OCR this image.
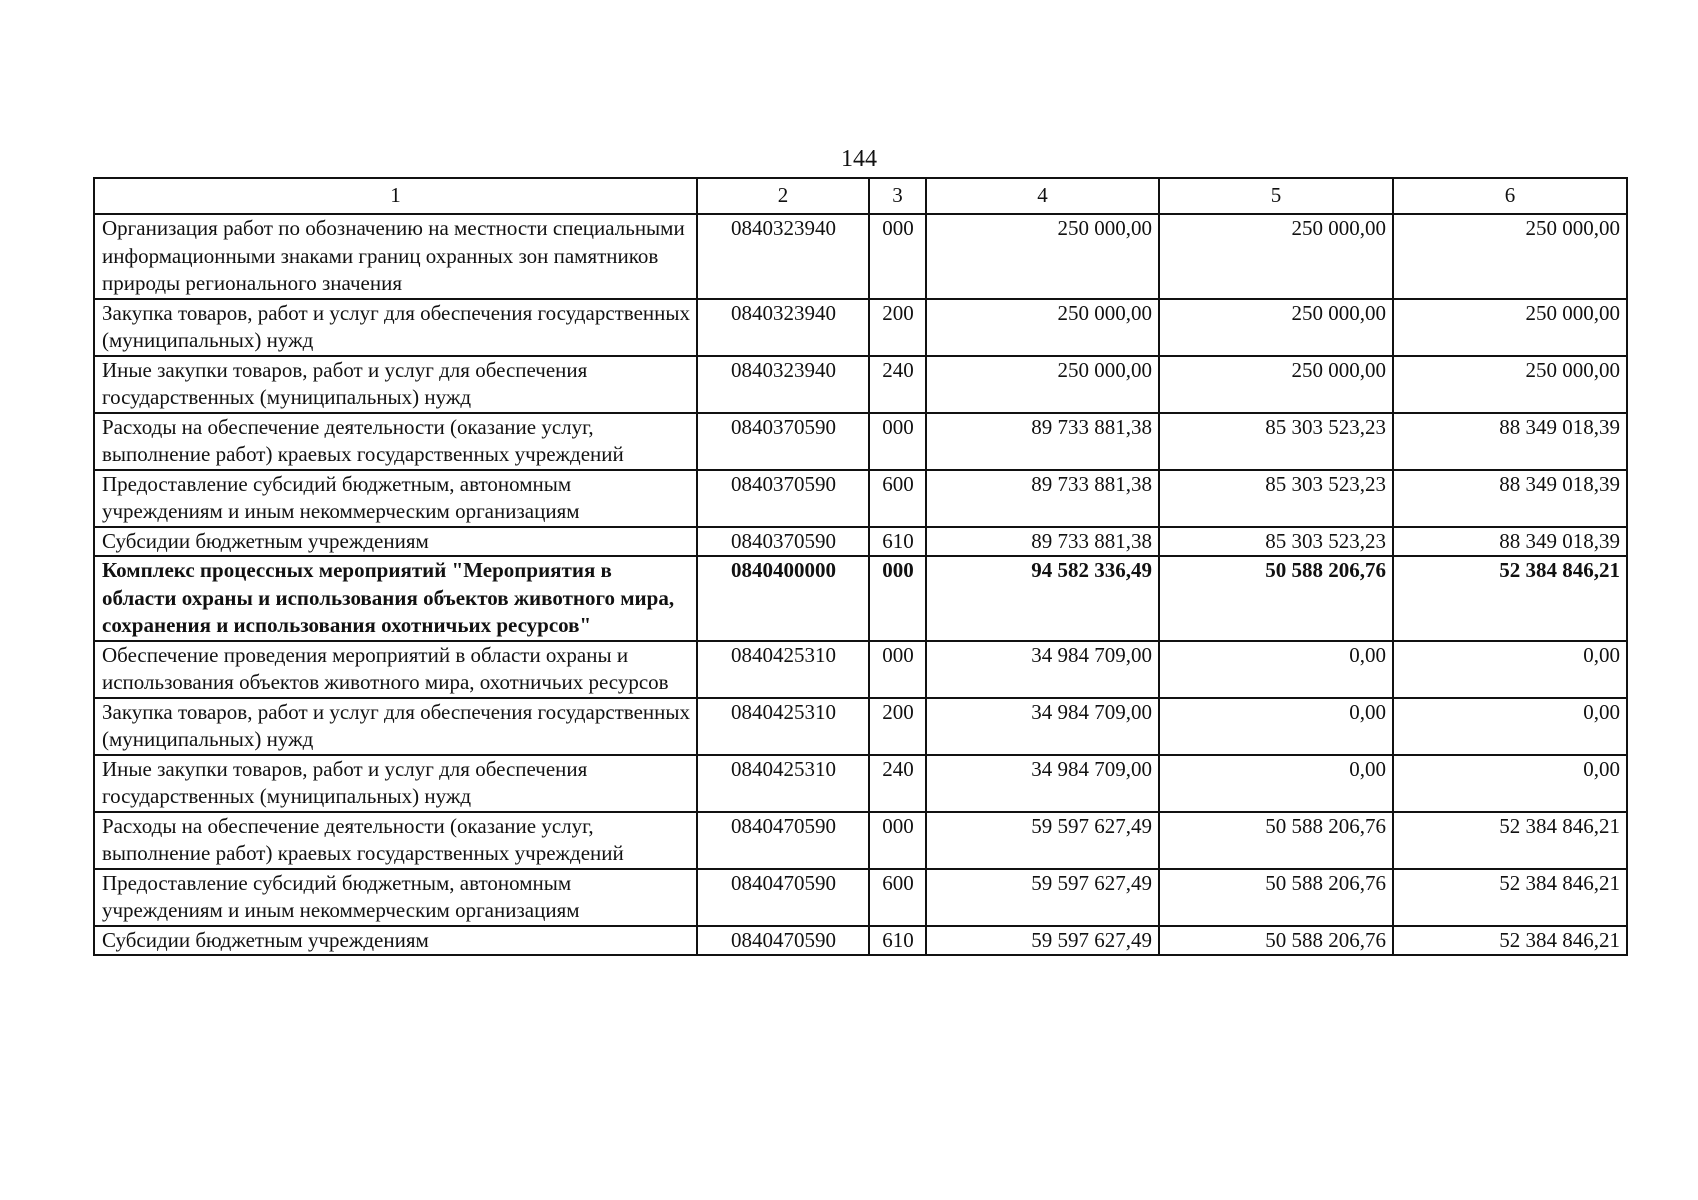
144
1	2	3	4	5	6
Организация работ по обозначению на местности специальными информационными знаками границ охранных зон памятников природы регионального значения	0840323940	000	250 000,00	250 000,00	250 000,00
Закупка товаров, работ и услуг для обеспечения государственных (муниципальных) нужд	0840323940	200	250 000,00	250 000,00	250 000,00
Иные закупки товаров, работ и услуг для обеспечения государственных (муниципальных) нужд	0840323940	240	250 000,00	250 000,00	250 000,00
Расходы на обеспечение деятельности (оказание услуг, выполнение работ) краевых государственных учреждений	0840370590	000	89 733 881,38	85 303 523,23	88 349 018,39
Предоставление субсидий бюджетным, автономным учреждениям и иным некоммерческим организациям	0840370590	600	89 733 881,38	85 303 523,23	88 349 018,39
Субсидии бюджетным учреждениям	0840370590	610	89 733 881,38	85 303 523,23	88 349 018,39
Комплекс процессных мероприятий "Мероприятия в области охраны и использования объектов животного мира, сохранения и использования охотничьих ресурсов"	0840400000	000	94 582 336,49	50 588 206,76	52 384 846,21
Обеспечение проведения мероприятий в области охраны и использования объектов животного мира, охотничьих ресурсов	0840425310	000	34 984 709,00	0,00	0,00
Закупка товаров, работ и услуг для обеспечения государственных (муниципальных) нужд	0840425310	200	34 984 709,00	0,00	0,00
Иные закупки товаров, работ и услуг для обеспечения государственных (муниципальных) нужд	0840425310	240	34 984 709,00	0,00	0,00
Расходы на обеспечение деятельности (оказание услуг, выполнение работ) краевых государственных учреждений	0840470590	000	59 597 627,49	50 588 206,76	52 384 846,21
Предоставление субсидий бюджетным, автономным учреждениям и иным некоммерческим организациям	0840470590	600	59 597 627,49	50 588 206,76	52 384 846,21
Субсидии бюджетным учреждениям	0840470590	610	59 597 627,49	50 588 206,76	52 384 846,21
